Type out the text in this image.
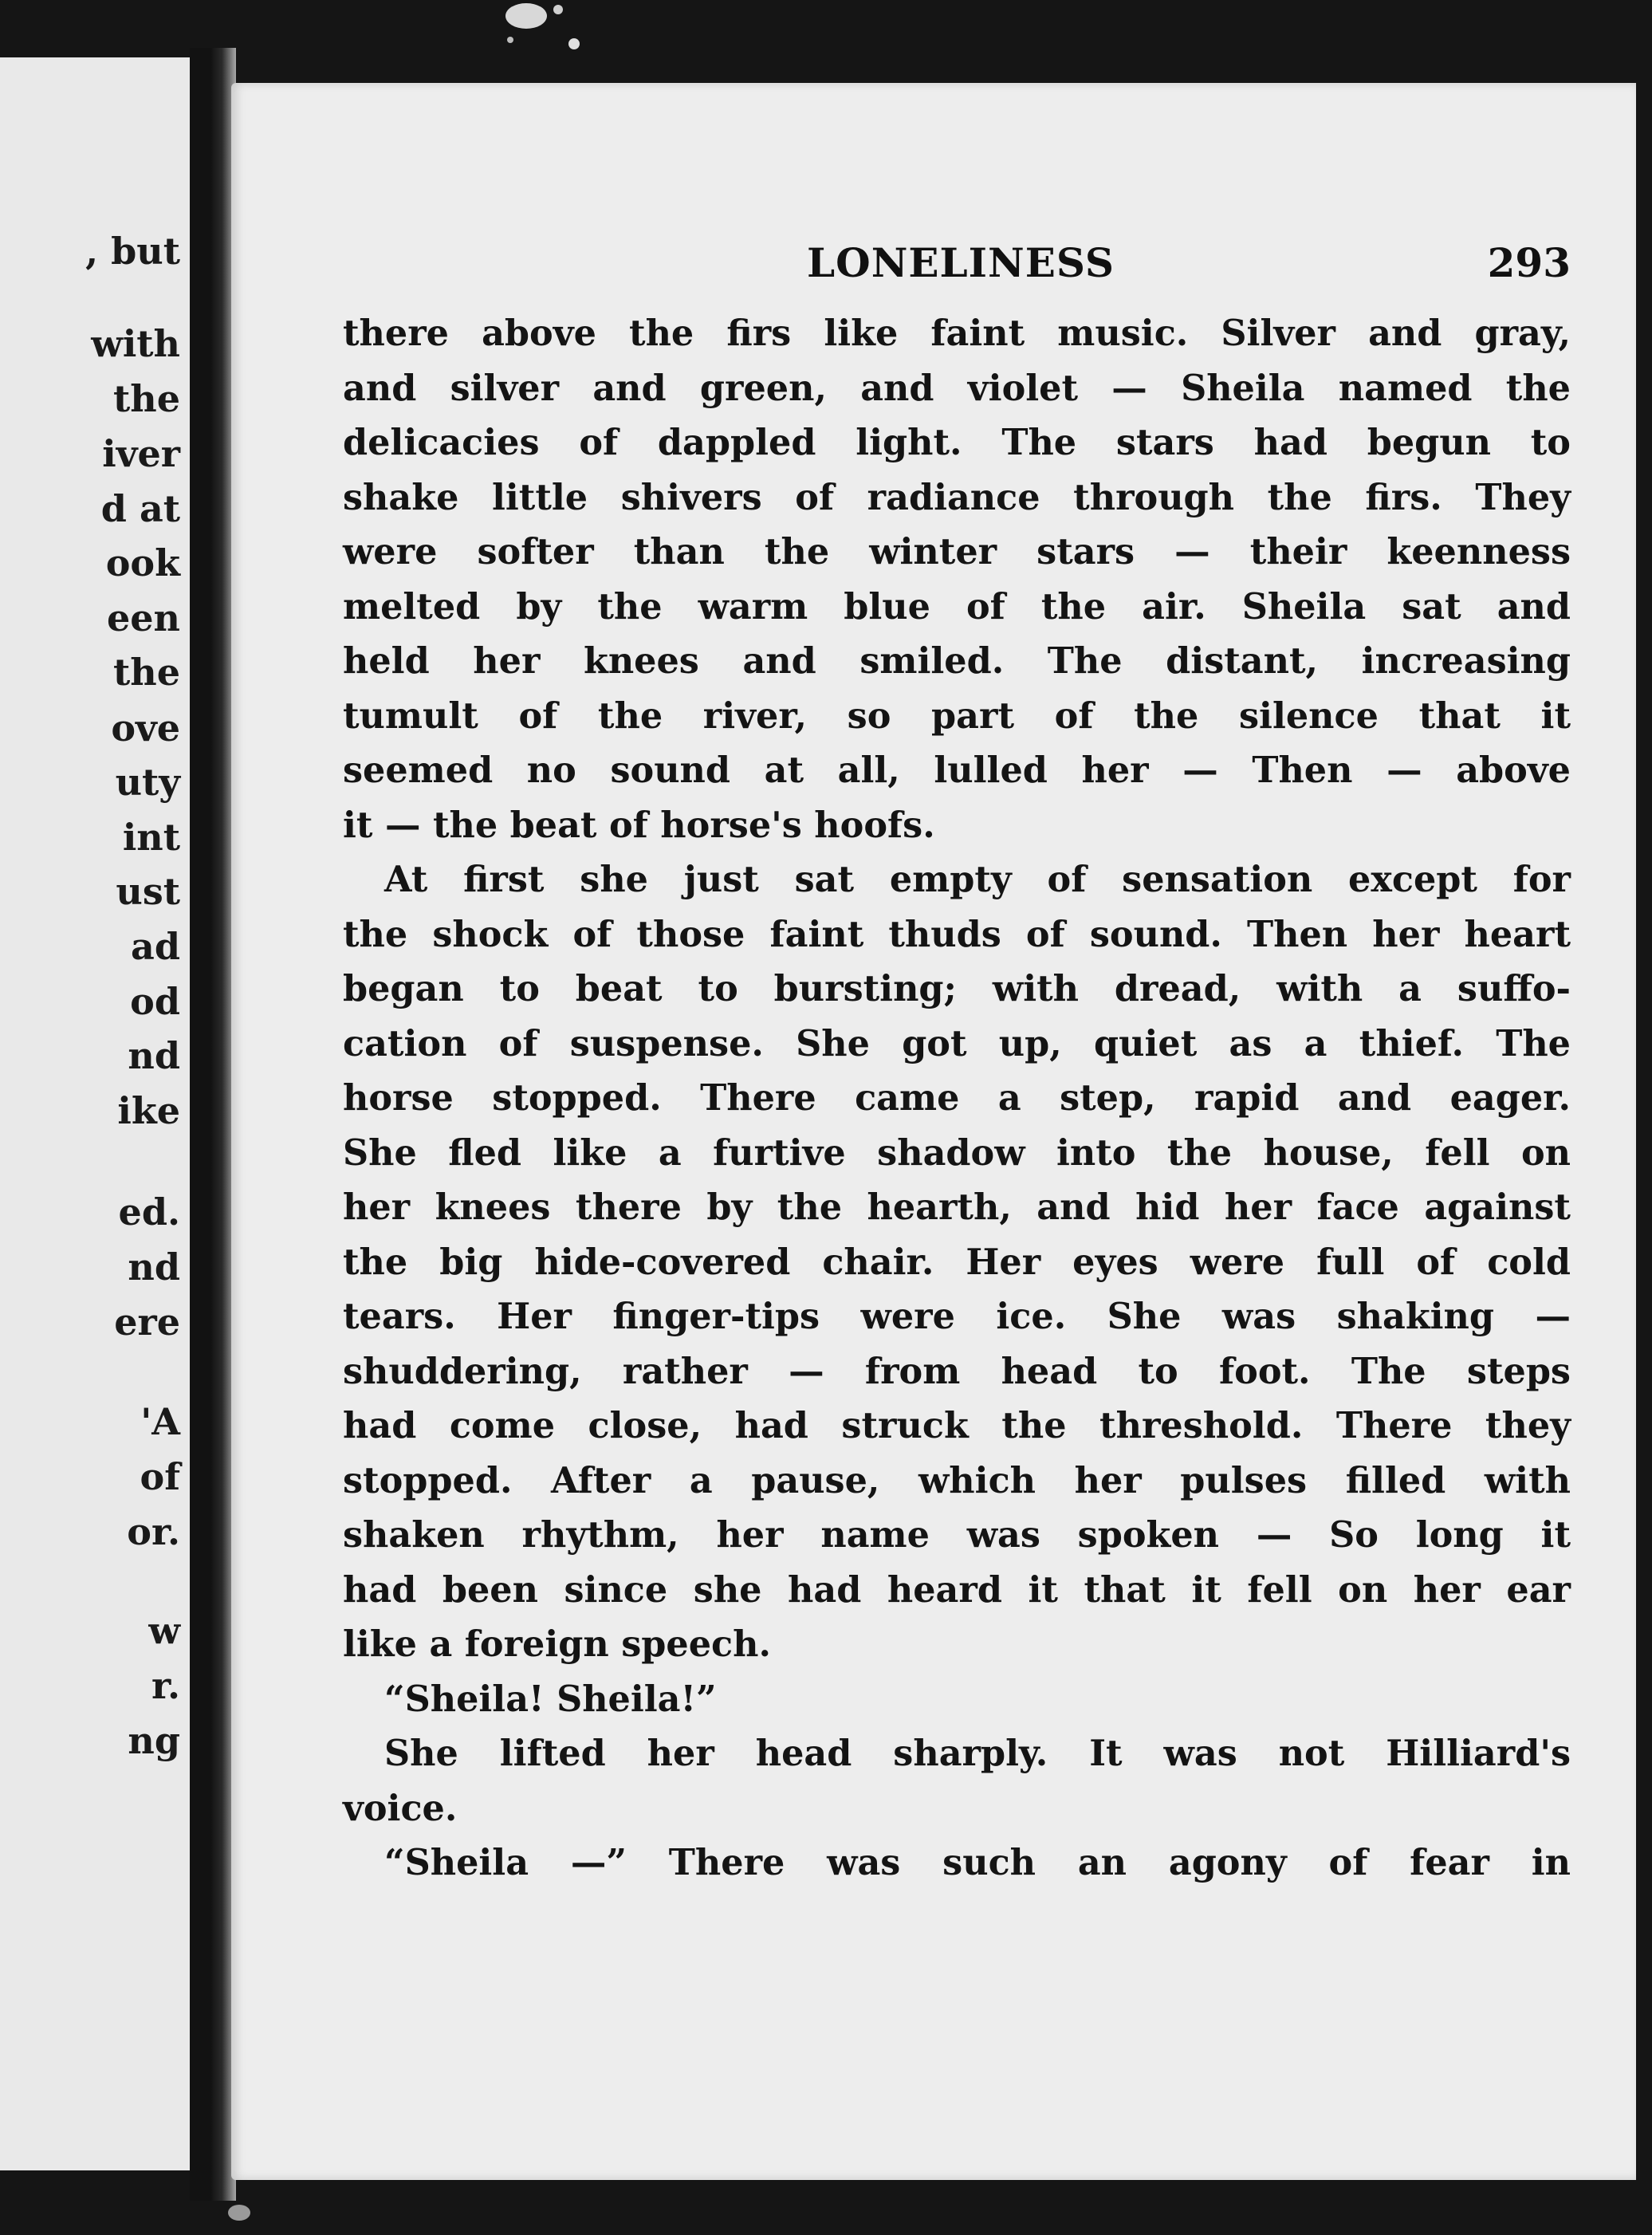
, but
with
the
iver
d at
ook
een
the
ove
uty
int
ust
ad
od
nd
ike
ed.
nd
ere
'A
of
or.
w
r.
ng
LONELINESS	293
there above the firs like faint music. Silver and gray,
and silver and green, and violet — Sheila named the
delicacies of dappled light. The stars had begun to
shake little shivers of radiance through the firs. They
were softer than the winter stars — their keenness
melted by the warm blue of the air. Sheila sat and
held her knees and smiled. The distant, increasing
tumult of the river, so part of the silence that it
seemed no sound at all, lulled her — Then — above
it — the beat of horse's hoofs.
At first she just sat empty of sensation except for
the shock of those faint thuds of sound. Then her heart
began to beat to bursting; with dread, with a suffo-
cation of suspense. She got up, quiet as a thief. The
horse stopped. There came a step, rapid and eager.
She fled like a furtive shadow into the house, fell on
her knees there by the hearth, and hid her face against
the big hide-covered chair. Her eyes were full of cold
tears. Her finger-tips were ice. She was shaking —
shuddering, rather — from head to foot. The steps
had come close, had struck the threshold. There they
stopped. After a pause, which her pulses filled with
shaken rhythm, her name was spoken — So long it
had been since she had heard it that it fell on her ear
like a foreign speech.
“Sheila! Sheila!”
She lifted her head sharply. It was not Hilliard's
voice.
“Sheila —” There was such an agony of fear in
